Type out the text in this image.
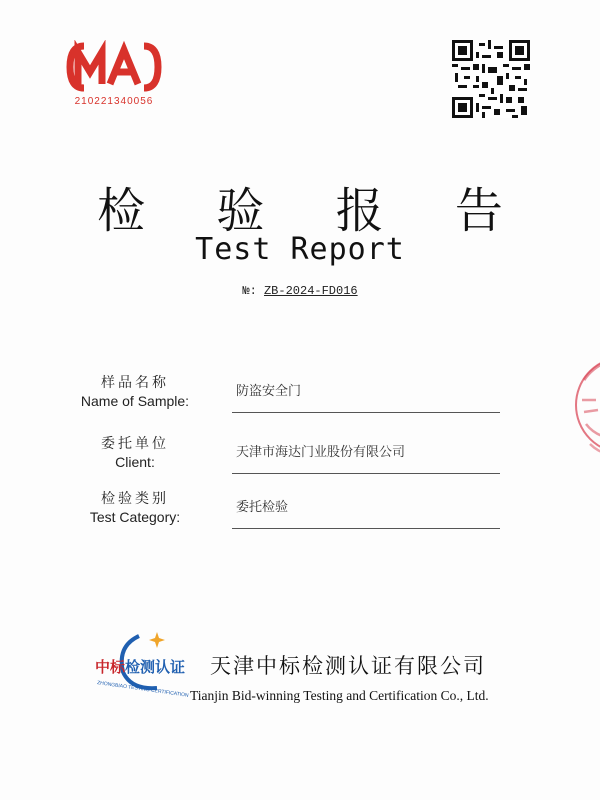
210221340056
检 验 报 告
Test Report
№: ZB-2024-FD016
样品名称
Name of Sample:
防盗安全门
委托单位
Client:
天津市海达门业股份有限公司
检验类别
Test Category:
委托检验
中标检测认证
ZHONGBIAO TESTING CERTIFICATION
天津中标检测认证有限公司
Tianjin Bid-winning Testing and Certification Co., Ltd.
